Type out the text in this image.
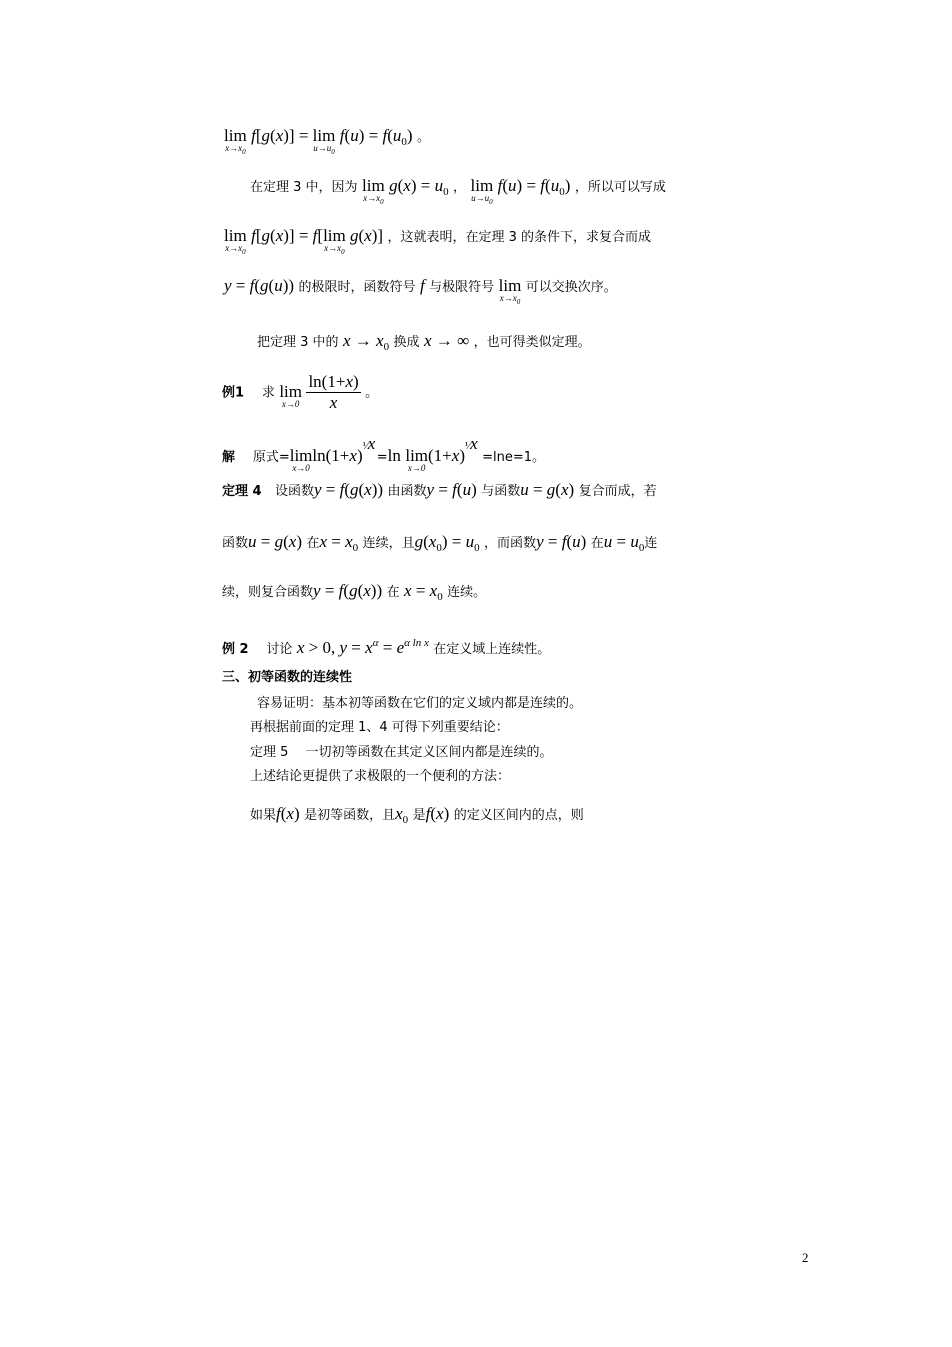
lim
$x\to x_0$
f[g(x)] = lim
$u\to u_0$
$f(u) = f(u_0)$ 。
在定理 3 中，因为 lim
$x\to x_0$
$g(x) = u_0$ ， lim
$u\to u_0$
$f(u) = f(u_0)$ ，所以可以写成
lim
$x\to x_0$
f[g(x)] = f[lim
$x\to x_0$
g(x)] ，这就表明，在定理 3 的条件下，求复合而成
y = f(g(u)) 的极限时，函数符号 f 与极限符号 lim
$x\to x_0$
可以交换次序。
把定理 3 中的 $x \to x_0$ 换成 x → ∞ ，也可得类似定理。
例1 求 lim
x→0
$\frac{\ln(1+x)}{x}$ 。
解 原式=lim
x→0
$\ln(1+x)^{^1⁄x} =\ln$ lim
x→0
$(1+x)^{^1⁄x} =\ln e=1$。
定理 4 设函数y = f(g(x)) 由函数y = f(u) 与函数u = g(x) 复合而成，若
函数u = g(x) 在$x = x_0$ 连续，且$g(x_0) = u_0$ ，而函数y = f(u) 在$u = u_0$连
续，则复合函数y = f(g(x)) 在 $x = x_0$ 连续。
例 2 讨论 x > 0, $y = x^\alpha = e^{\alpha ln x}$ 在定义域上连续性。
三、初等函数的连续性
容易证明：基本初等函数在它们的定义域内都是连续的。
再根据前面的定理 1、4 可得下列重要结论：
定理 5　 一切初等函数在其定义区间内都是连续的。
上述结论更提供了求极限的一个便利的方法：
如果f(x) 是初等函数，且$x_0$ 是f(x) 的定义区间内的点，则
2
